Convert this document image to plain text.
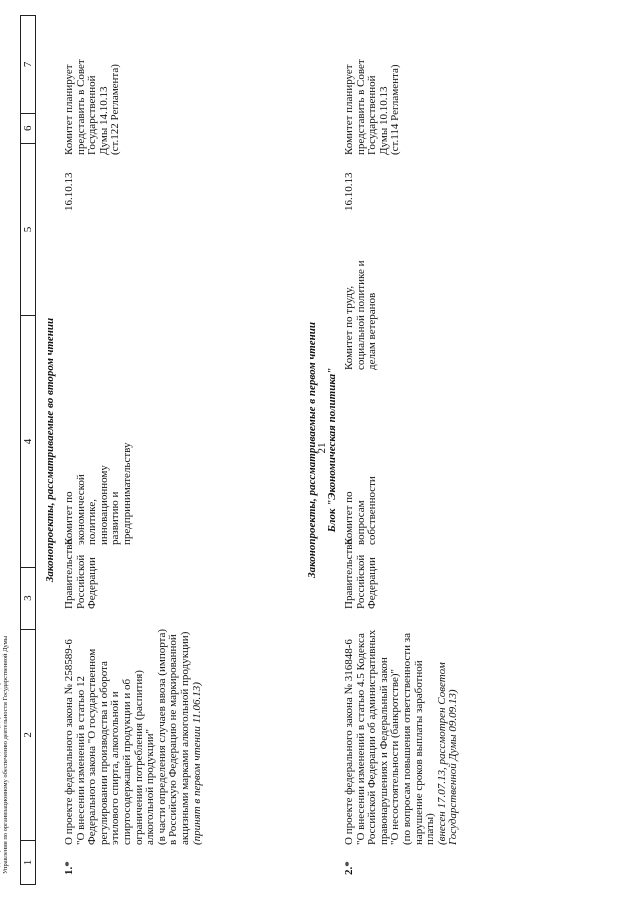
21
1
2
3
4
5
6
7
Законопроекты, рассматриваемые во втором чтении
1.*
О проекте федерального закона № 258589-6 "О внесении изменений в статью 12 Федерального закона "О государственном регулировании производства и оборота этилового спирта, алкогольной и спиртосодержащей продукции и об ограничении потребления (распития) алкогольной продукции" (в части определения случаев ввоза (импорта) в Российскую Федерацию не маркированной акцизными марками алкогольной продукции) (принят в первом чтении 11.06.13)
Правительство Российской Федерации
Комитет по экономической политике, инновационному развитию и предпринимательству
16.10.13
Комитет планирует представить в Совет Государственной Думы 14.10.13 (ст.122 Регламента)
Законопроекты, рассматриваемые в первом чтении Блок "Экономическая политика"
2.*
О проекте федерального закона № 316848-6 "О внесении изменений в статью 4.5 Кодекса Российской Федерации об административных правонарушениях и Федеральный закон "О несостоятельности (банкротстве)" (по вопросам повышения ответственности за нарушение сроков выплаты заработной платы) (внесен 17.07.13, рассмотрен Советом Государственной Думы 09.09.13)
Правительство Российской Федерации
Комитет по вопросам собственности
Комитет по труду, социальной политике и делам ветеранов
16.10.13
Комитет планирует представить в Совет Государственной Думы 10.10.13 (ст.114 Регламента)
Управления по организационному обеспечению деятельности Государственной Думы
